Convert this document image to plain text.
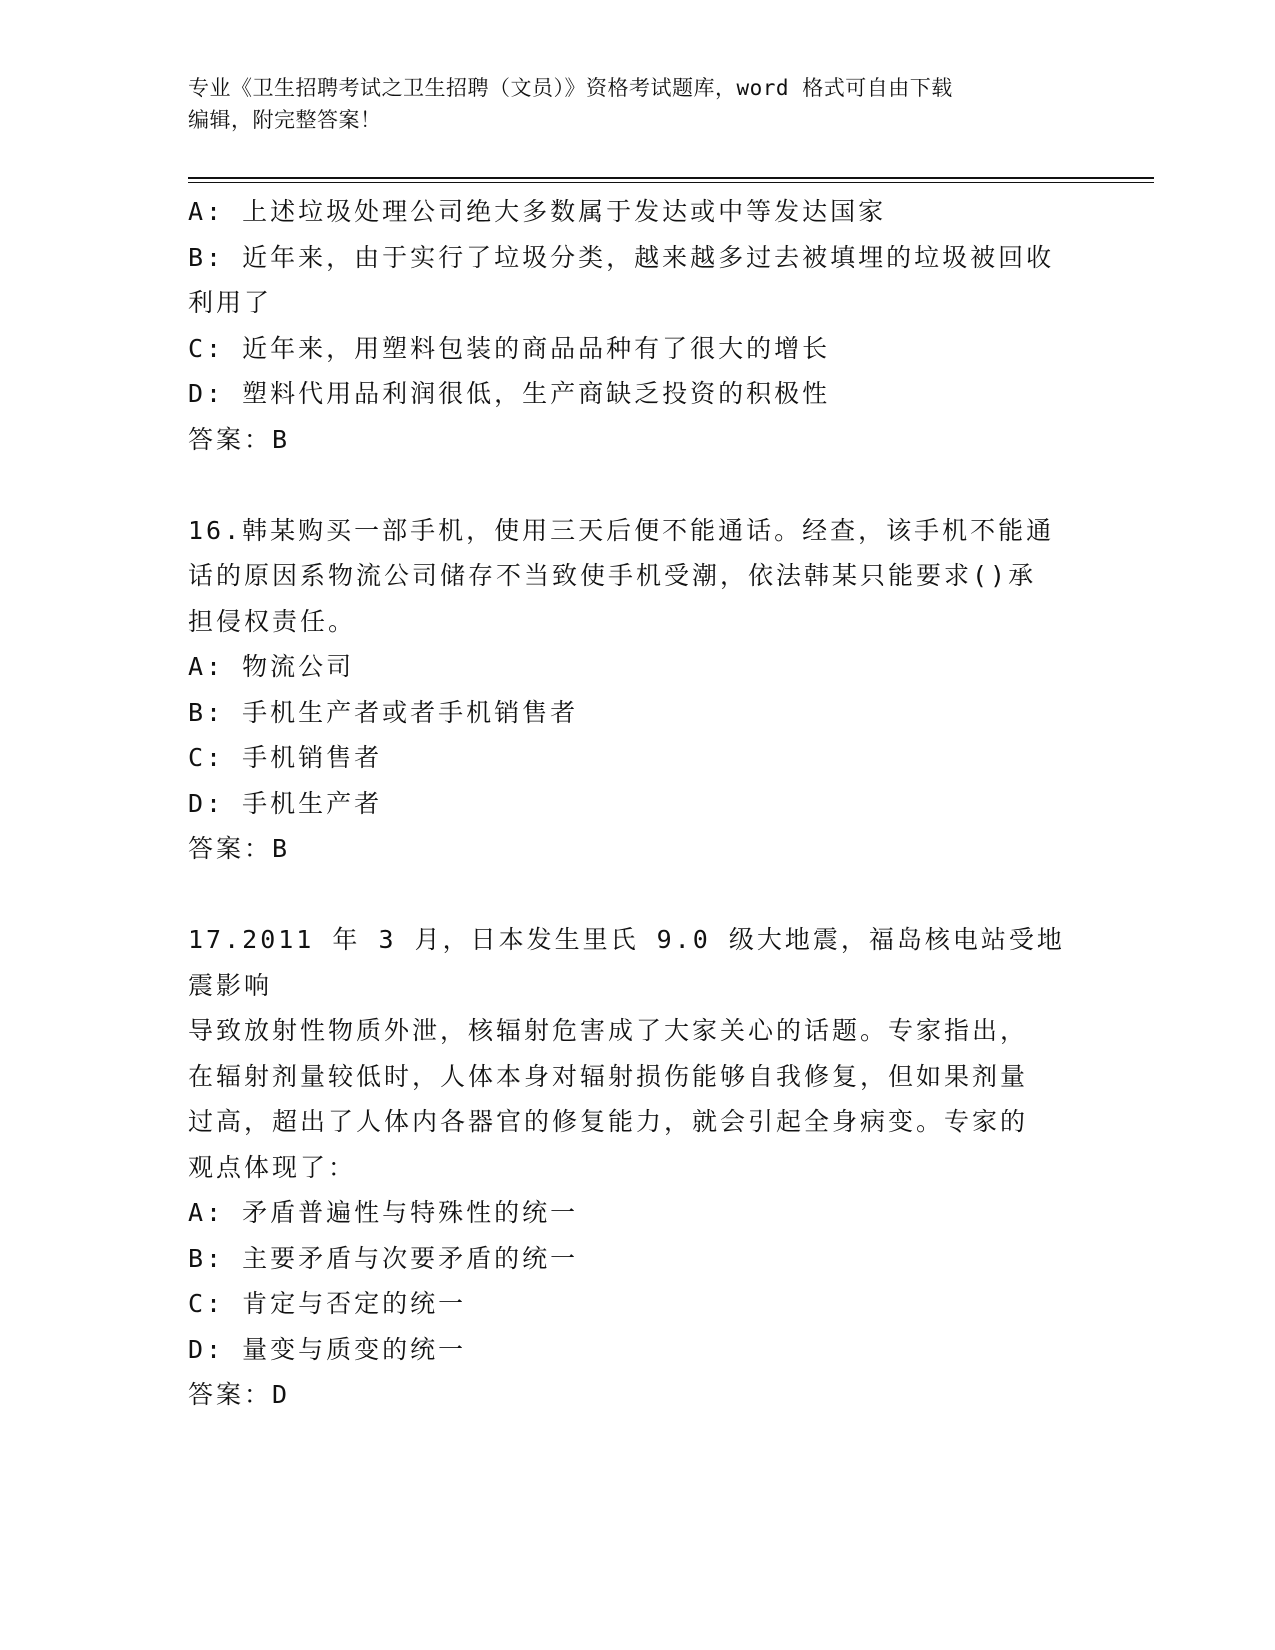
专业《卫生招聘考试之卫生招聘（文员）》资格考试题库，word 格式可自由下载
编辑，附完整答案！
A: 上述垃圾处理公司绝大多数属于发达或中等发达国家
B: 近年来，由于实行了垃圾分类，越来越多过去被填埋的垃圾被回收
利用了
C: 近年来，用塑料包装的商品品种有了很大的增长
D: 塑料代用品利润很低，生产商缺乏投资的积极性
答案：B
16.韩某购买一部手机，使用三天后便不能通话。经查，该手机不能通
话的原因系物流公司储存不当致使手机受潮，依法韩某只能要求()承
担侵权责任。
A: 物流公司
B: 手机生产者或者手机销售者
C: 手机销售者
D: 手机生产者
答案：B
17.2011 年 3 月，日本发生里氏 9.0 级大地震，福岛核电站受地震影响
导致放射性物质外泄，核辐射危害成了大家关心的话题。专家指出，
在辐射剂量较低时，人体本身对辐射损伤能够自我修复，但如果剂量
过高，超出了人体内各器官的修复能力，就会引起全身病变。专家的
观点体现了：
A: 矛盾普遍性与特殊性的统一
B: 主要矛盾与次要矛盾的统一
C: 肯定与否定的统一
D: 量变与质变的统一
答案：D
